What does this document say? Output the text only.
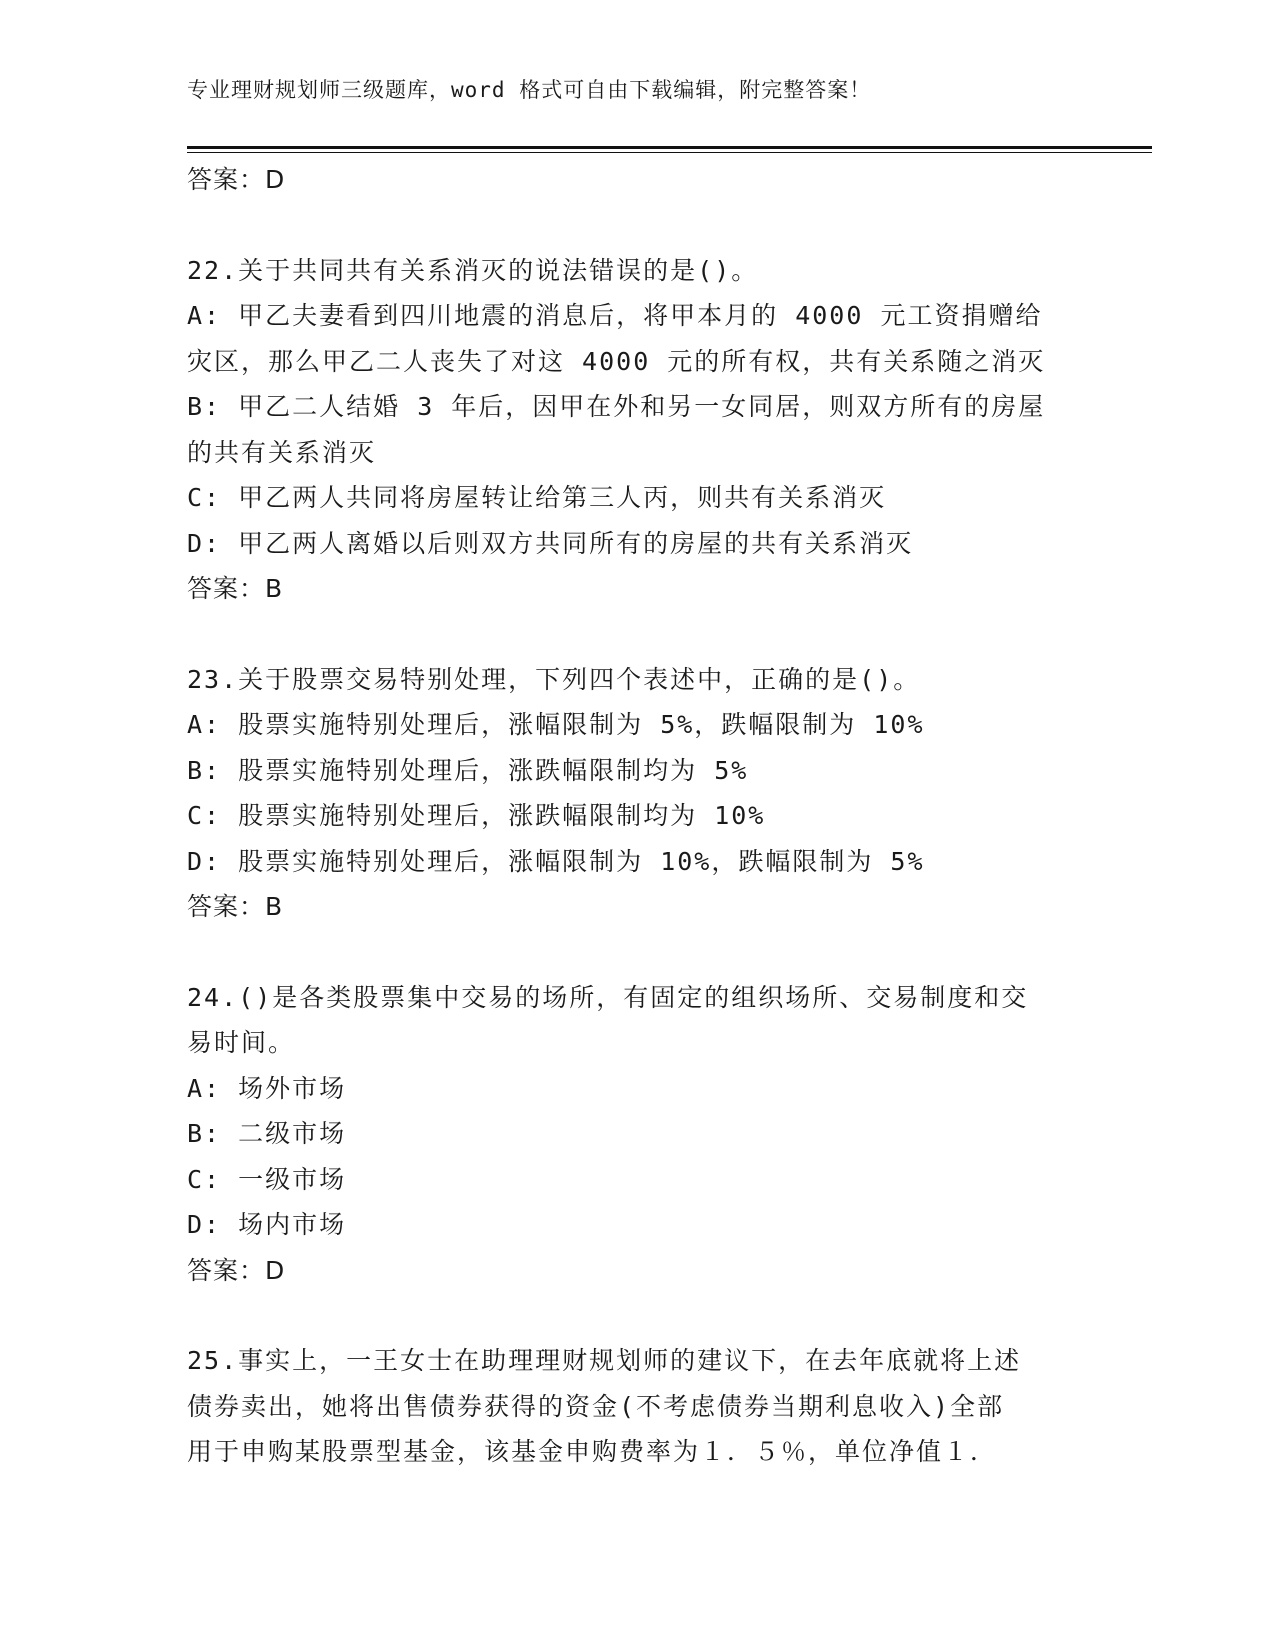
专业理财规划师三级题库，word 格式可自由下载编辑，附完整答案！
答案：D
22.关于共同共有关系消灭的说法错误的是()。
A: 甲乙夫妻看到四川地震的消息后，将甲本月的 4000 元工资捐赠给
灾区，那么甲乙二人丧失了对这 4000 元的所有权，共有关系随之消灭
B: 甲乙二人结婚 3 年后，因甲在外和另一女同居，则双方所有的房屋
的共有关系消灭
C: 甲乙两人共同将房屋转让给第三人丙，则共有关系消灭
D: 甲乙两人离婚以后则双方共同所有的房屋的共有关系消灭
答案：B
23.关于股票交易特别处理，下列四个表述中，正确的是()。
A: 股票实施特别处理后，涨幅限制为 5%，跌幅限制为 10%
B: 股票实施特别处理后，涨跌幅限制均为 5%
C: 股票实施特别处理后，涨跌幅限制均为 10%
D: 股票实施特别处理后，涨幅限制为 10%，跌幅限制为 5%
答案：B
24.()是各类股票集中交易的场所，有固定的组织场所、交易制度和交
易时间。
A: 场外市场
B: 二级市场
C: 一级市场
D: 场内市场
答案：D
25.事实上，一王女士在助理理财规划师的建议下，在去年底就将上述
债券卖出，她将出售债券获得的资金(不考虑债券当期利息收入)全部
用于申购某股票型基金，该基金申购费率为１．５％，单位净值１．
